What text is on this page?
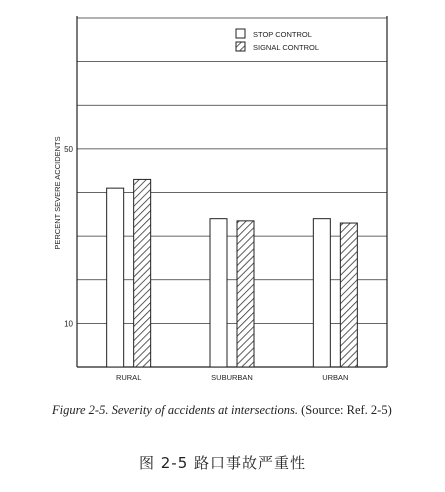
10
50
RURAL	SUBURBAN	URBAN
PERCENT SEVERE ACCIDENTS
STOP CONTROL
SIGNAL CONTROL
Figure 2-5. Severity of accidents at intersections. (Source: Ref. 2-5)
图 2-5 路口事故严重性
